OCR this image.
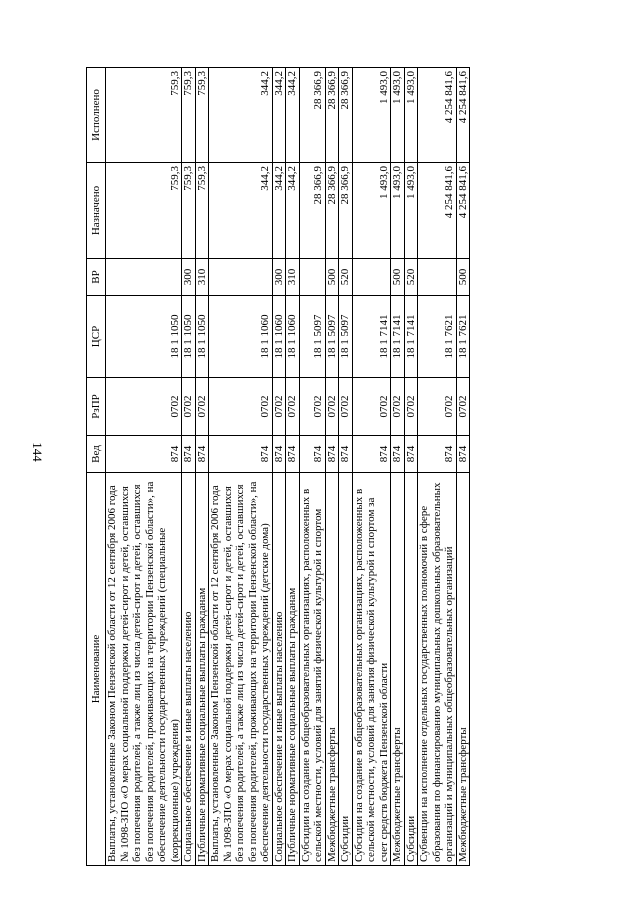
144
Наименование	Вед	РзПР	ЦСР	ВР	Назначено	Исполнено
Выплаты, установленные Законом Пензенской области от 12 сентября 2006 года № 1098-ЗПО «О мерах социальной поддержки детей-сирот и детей, оставшихся без попечения родителей, а также лиц из числа детей-сирот и детей, оставшихся без попечения родителей, проживающих на территории Пензенской области», на обеспечение деятельности государственных учреждений (специальные (коррекционные) учреждения)	874	0702	18 1 1050		759,3	759,3
Социальное обеспечение и иные выплаты населению	874	0702	18 1 1050	300	759,3	759,3
Публичные нормативные социальные выплаты гражданам	874	0702	18 1 1050	310	759,3	759,3
Выплаты, установленные Законом Пензенской области от 12 сентября 2006 года № 1098-ЗПО «О мерах социальной поддержки детей-сирот и детей, оставшихся без попечения родителей, а также лиц из числа детей-сирот и детей, оставшихся без попечения родителей, проживающих на территории Пензенской области», на обеспечение деятельности государственных учреждений (детские дома)	874	0702	18 1 1060		344,2	344,2
Социальное обеспечение и иные выплаты населению	874	0702	18 1 1060	300	344,2	344,2
Публичные нормативные социальные выплаты гражданам	874	0702	18 1 1060	310	344,2	344,2
Субсидии на создание в общеобразовательных организациях, расположенных в сельской местности, условий для занятий физической культурой и спортом	874	0702	18 1 5097		28 366,9	28 366,9
Межбюджетные трансферты	874	0702	18 1 5097	500	28 366,9	28 366,9
Субсидии	874	0702	18 1 5097	520	28 366,9	28 366,9
Субсидии на создание в общеобразовательных организациях, расположенных в сельской местности, условий для занятия физической культурой и спортом за счет средств бюджета Пензенской области	874	0702	18 1 7141		1 493,0	1 493,0
Межбюджетные трансферты	874	0702	18 1 7141	500	1 493,0	1 493,0
Субсидии	874	0702	18 1 7141	520	1 493,0	1 493,0
Субвенции на исполнение отдельных государственных полномочий в сфере образования по финансированию муниципальных дошкольных образовательных организаций и муниципальных общеобразовательных организаций	874	0702	18 1 7621		4 254 841,6	4 254 841,6
Межбюджетные трансферты	874	0702	18 1 7621	500	4 254 841,6	4 254 841,6
